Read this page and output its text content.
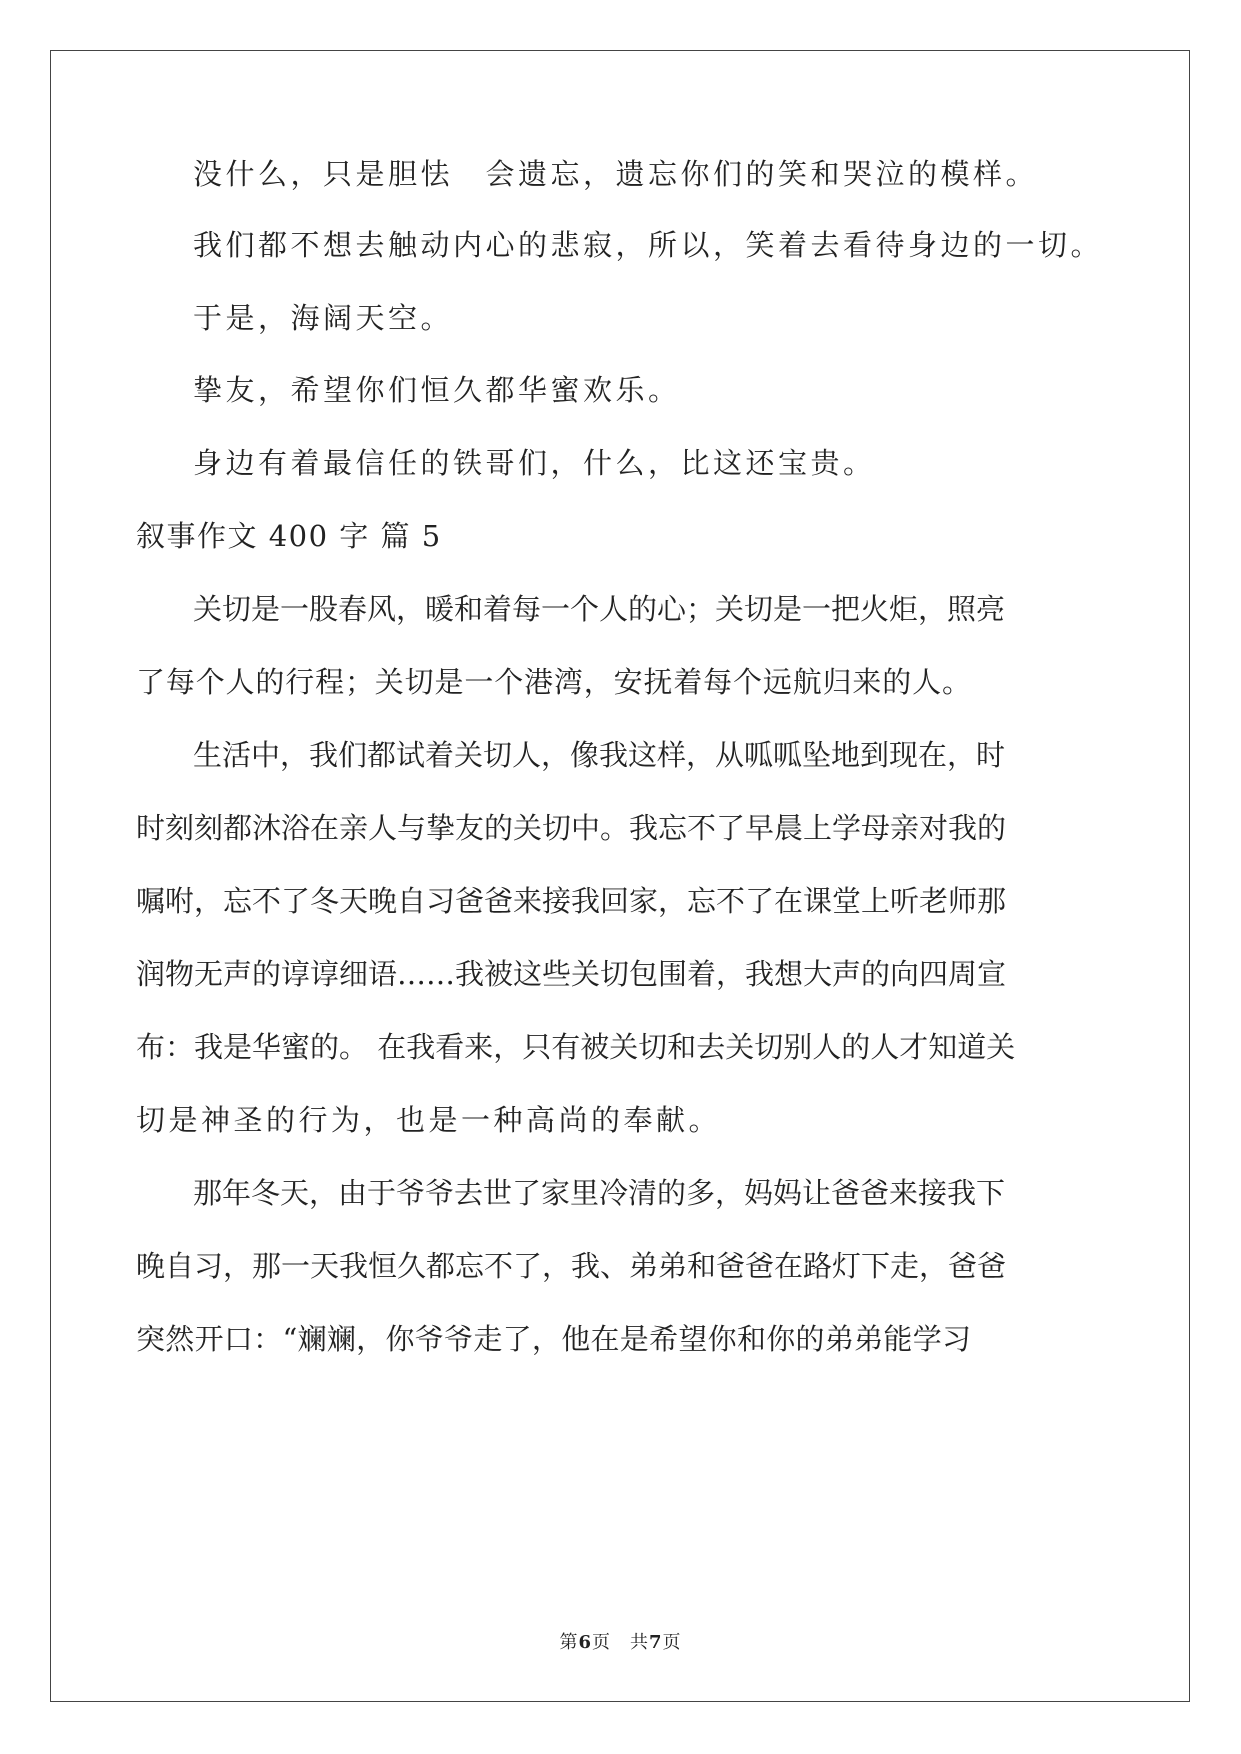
没什么，只是胆怯　会遗忘，遗忘你们的笑和哭泣的模样。
我们都不想去触动内心的悲寂，所以，笑着去看待身边的一切。
于是，海阔天空。
挚友，希望你们恒久都华蜜欢乐。
身边有着最信任的铁哥们，什么，比这还宝贵。
叙事作文 400 字 篇 5
关切是一股春风，暖和着每一个人的心；关切是一把火炬，照亮
了每个人的行程；关切是一个港湾，安抚着每个远航归来的人。
生活中，我们都试着关切人，像我这样，从呱呱坠地到现在，时
时刻刻都沐浴在亲人与挚友的关切中。我忘不了早晨上学母亲对我的
嘱咐，忘不了冬天晚自习爸爸来接我回家，忘不了在课堂上听老师那
润物无声的谆谆细语……我被这些关切包围着，我想大声的向四周宣
布：我是华蜜的。 在我看来，只有被关切和去关切别人的人才知道关
切是神圣的行为，也是一种高尚的奉献。
那年冬天，由于爷爷去世了家里冷清的多，妈妈让爸爸来接我下
晚自习，那一天我恒久都忘不了，我、弟弟和爸爸在路灯下走，爸爸
突然开口：“斓斓，你爷爷走了，他在是希望你和你的弟弟能学习
第6页　共7页
